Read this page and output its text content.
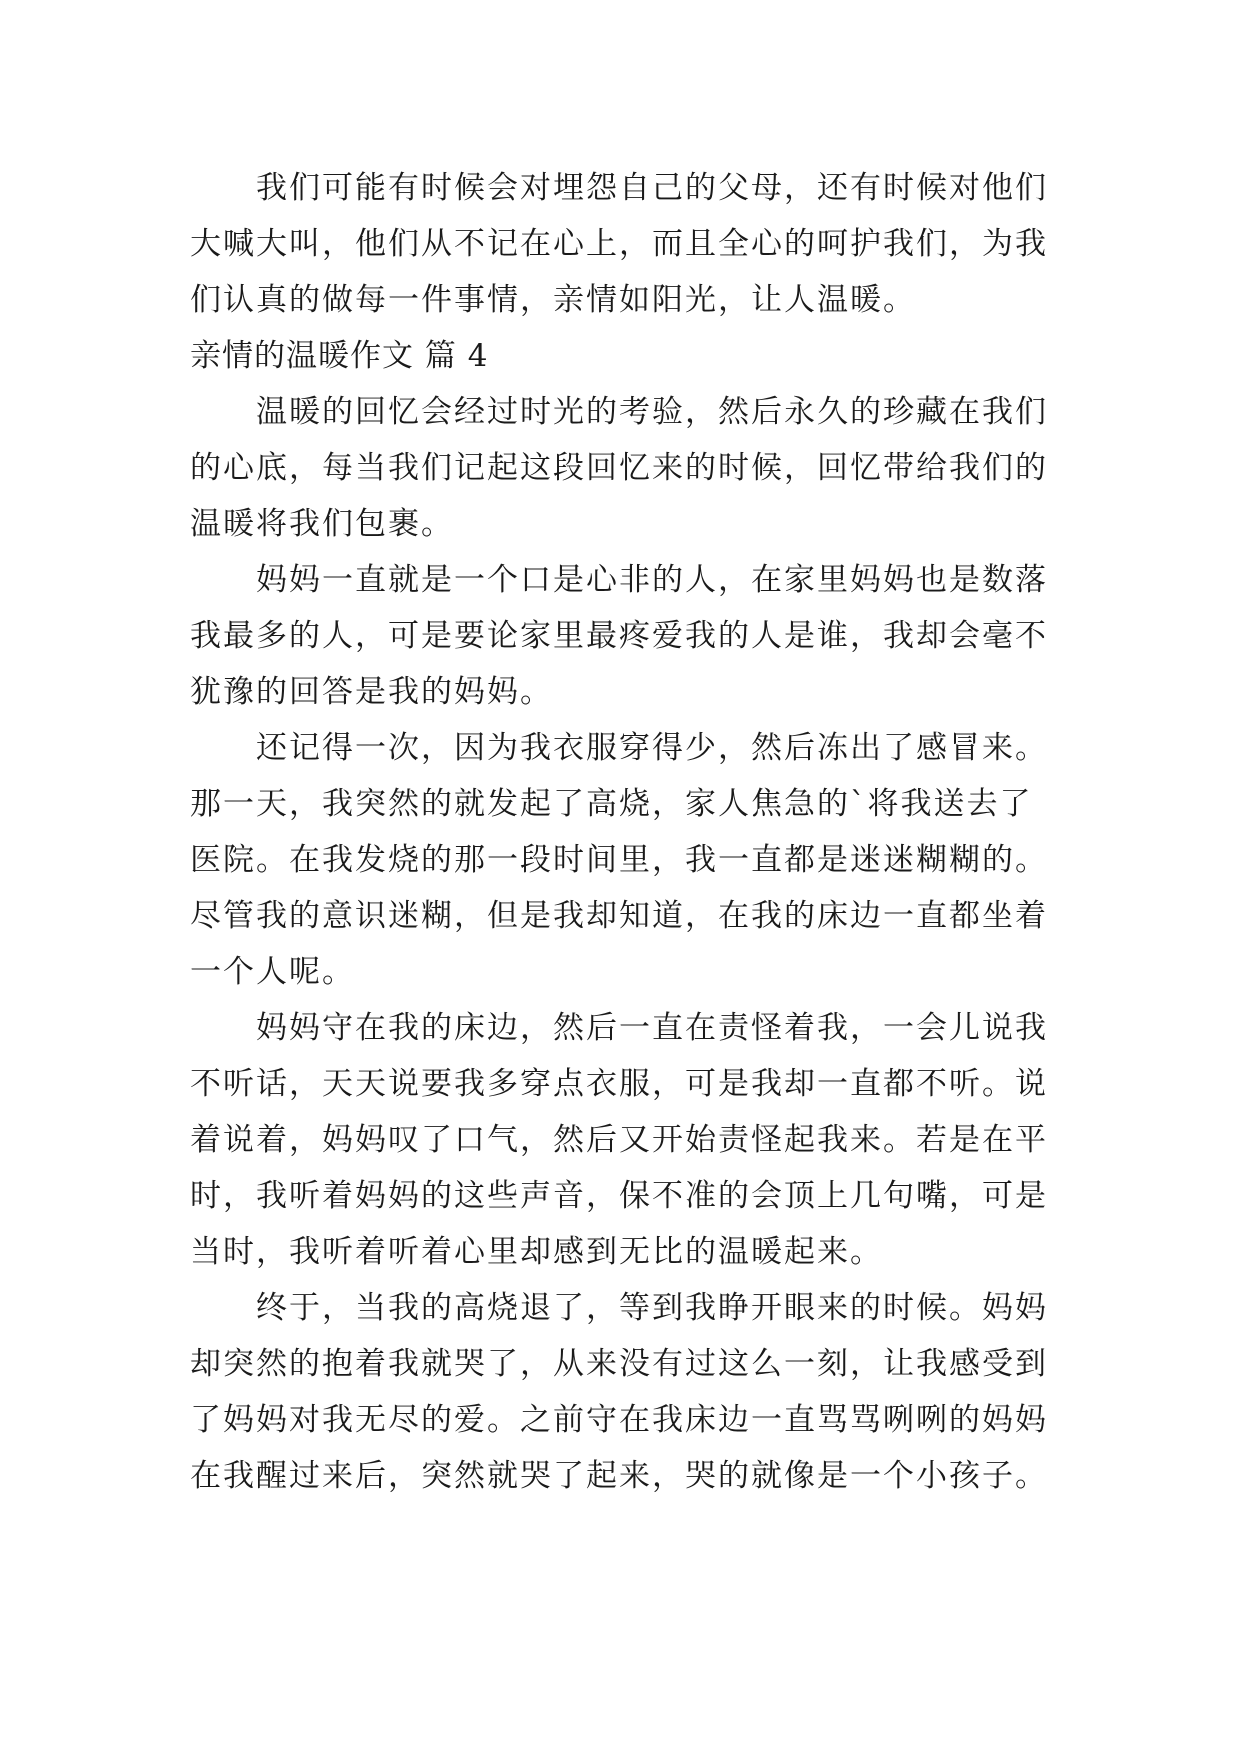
我们可能有时候会对埋怨自己的父母，还有时候对他们
大喊大叫，他们从不记在心上，而且全心的呵护我们，为我
们认真的做每一件事情，亲情如阳光，让人温暖。
亲情的温暖作文 篇 4
温暖的回忆会经过时光的考验，然后永久的珍藏在我们
的心底，每当我们记起这段回忆来的时候，回忆带给我们的
温暖将我们包裹。
妈妈一直就是一个口是心非的人，在家里妈妈也是数落
我最多的人，可是要论家里最疼爱我的人是谁，我却会毫不
犹豫的回答是我的妈妈。
还记得一次，因为我衣服穿得少，然后冻出了感冒来。
那一天，我突然的就发起了高烧，家人焦急的`将我送去了
医院。在我发烧的那一段时间里，我一直都是迷迷糊糊的。
尽管我的意识迷糊，但是我却知道，在我的床边一直都坐着
一个人呢。
妈妈守在我的床边，然后一直在责怪着我，一会儿说我
不听话，天天说要我多穿点衣服，可是我却一直都不听。说
着说着，妈妈叹了口气，然后又开始责怪起我来。若是在平
时，我听着妈妈的这些声音，保不准的会顶上几句嘴，可是
当时，我听着听着心里却感到无比的温暖起来。
终于，当我的高烧退了，等到我睁开眼来的时候。妈妈
却突然的抱着我就哭了，从来没有过这么一刻，让我感受到
了妈妈对我无尽的爱。之前守在我床边一直骂骂咧咧的妈妈
在我醒过来后，突然就哭了起来，哭的就像是一个小孩子。
